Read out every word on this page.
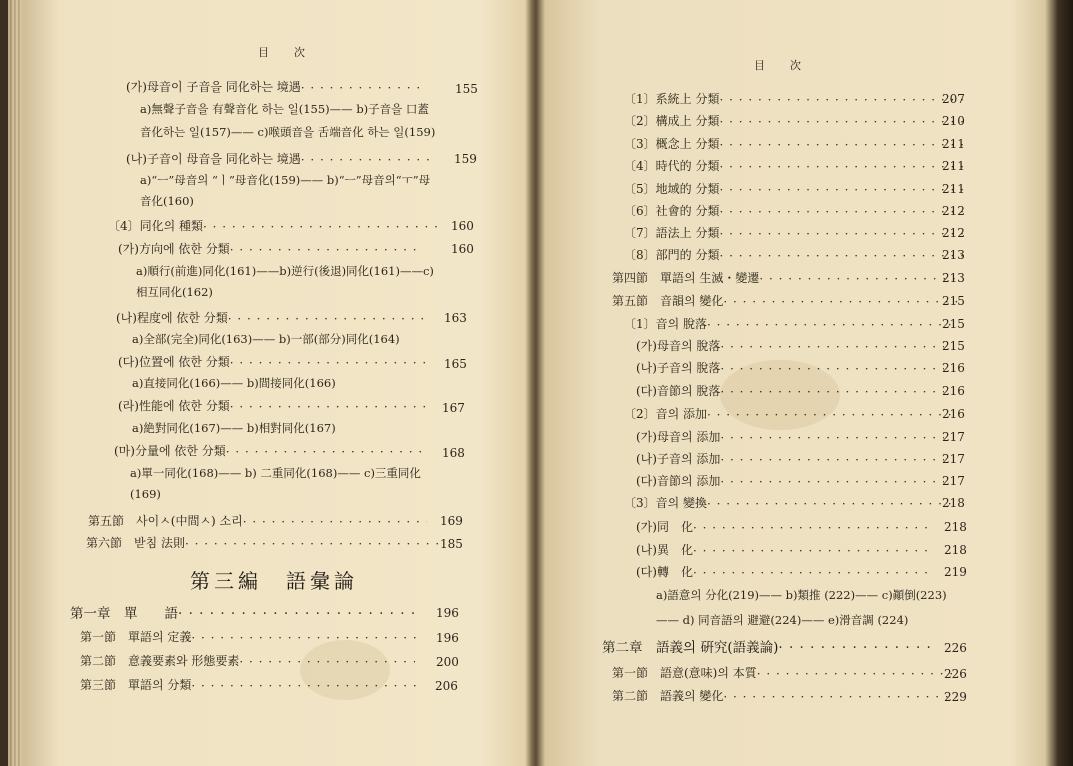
目　　次
(가)母音이 子音을 同化하는 境遇 · · ·	155
a)無聲子音을 有聲音化 하는 일(155)—— b)子音을 口蓋
音化하는 일(157)—— c)喉頭音을 舌端音化 하는 일(159)
(나)子音이 母音을 同化하는 境遇 · · ·	159
a)“ㅡ”母音의 “ㅣ”母音化(159)—— b)“ㅡ”母音의“ㅜ”母
音化(160)
〔4〕同化의 種類 · · ·	160
(가)方向에 依한 分類 · · ·	160
a)順行(前進)同化(161)——b)逆行(後退)同化(161)——c)
相互同化(162)
(나)程度에 依한 分類 · · ·	163
a)全部(完全)同化(163)—— b)一部(部分)同化(164)
(다)位置에 依한 分類 · · ·	165
a)直接同化(166)—— b)間接同化(166)
(라)性能에 依한 分類 · · ·	167
a)絶對同化(167)—— b)相對同化(167)
(마)分量에 依한 分類 · · ·	168
a)單一同化(168)—— b) 二重同化(168)—— c)三重同化
(169)
第五節　사이ㅅ(中間ㅅ) 소리 · · ·	169
第六節　받침 法則 · · ·	185
第三編　語彙論
第一章　單　　語 · · ·	196
第一節　單語의 定義 · · ·	196
第二節　意義要素와 形態要素 · · ·	200
第三節　單語의 分類 · · ·	206
目　　次
〔1〕系統上 分類 · · ·	207
〔2〕構成上 分類 · · ·	210
〔3〕概念上 分類 · · ·	211
〔4〕時代的 分類 · · ·	211
〔5〕地域的 分類 · · ·	211
〔6〕社會的 分類 · · ·	212
〔7〕語法上 分類 · · ·	212
〔8〕部門的 分類 · · ·	213
第四節　單語의 生滅・變遷 · · ·	213
第五節　音韻의 變化 · · ·	215
〔1〕音의 脫落 · · ·	215
(가)母音의 脫落 · · ·	215
(나)子音의 脫落 · · ·	216
(다)音節의 脫落 · · ·	216
〔2〕音의 添加 · · ·	216
(가)母音의 添加 · · ·	217
(나)子音의 添加 · · ·	217
(다)音節의 添加 · · ·	217
〔3〕音의 變換 · · ·	218
(가)同　化 · · ·	218
(나)異　化 · · ·	218
(다)轉　化 · · ·	219
a)語意의 分化(219)—— b)類推 (222)—— c)顚倒(223)
—— d) 同音語의 避避(224)—— e)滑音調 (224)
第二章　語義의 硏究(語義論) · · ·	226
第一節　語意(意味)의 本質 · · ·	226
第二節　語義의 變化 · · ·	229
